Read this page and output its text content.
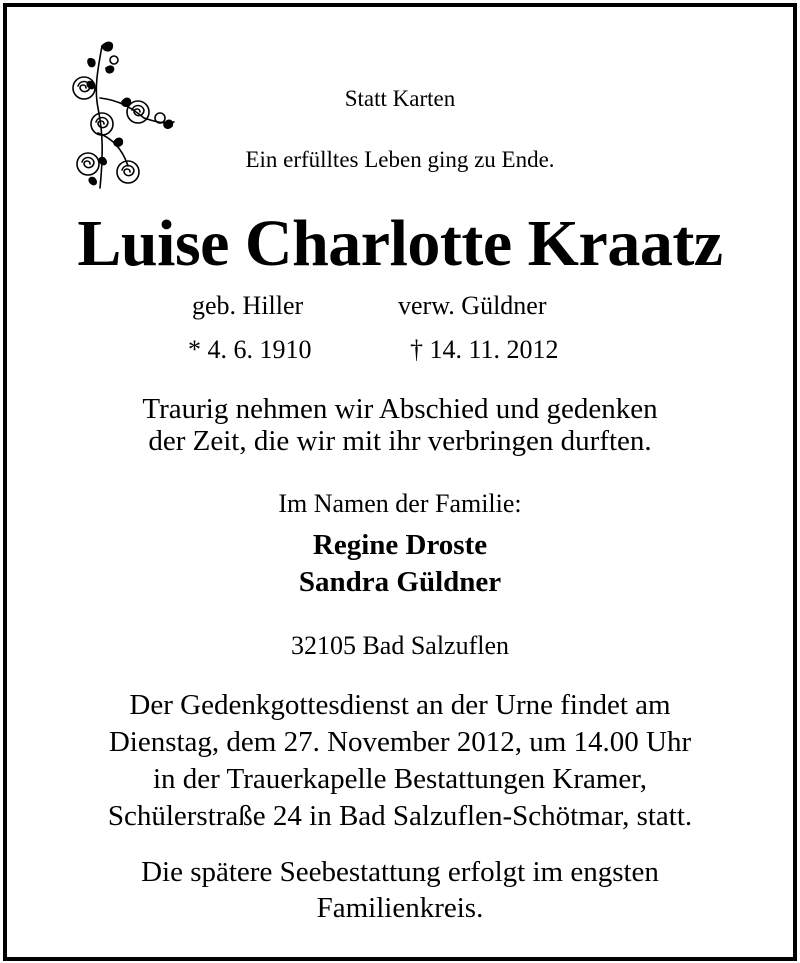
Statt Karten
Ein erfülltes Leben ging zu Ende.
Luise Charlotte Kraatz
geb. Hiller	verw. Güldner
* 4. 6. 1910	† 14. 11. 2012
Traurig nehmen wir Abschied und gedenken
der Zeit, die wir mit ihr verbringen durften.
Im Namen der Familie:
Regine Droste
Sandra Güldner
32105 Bad Salzuflen
Der Gedenkgottesdienst an der Urne findet am
Dienstag, dem 27. November 2012, um 14.00 Uhr
in der Trauerkapelle Bestattungen Kramer,
Schülerstraße 24 in Bad Salzuflen-Schötmar, statt.
Die spätere Seebestattung erfolgt im engsten
Familienkreis.
